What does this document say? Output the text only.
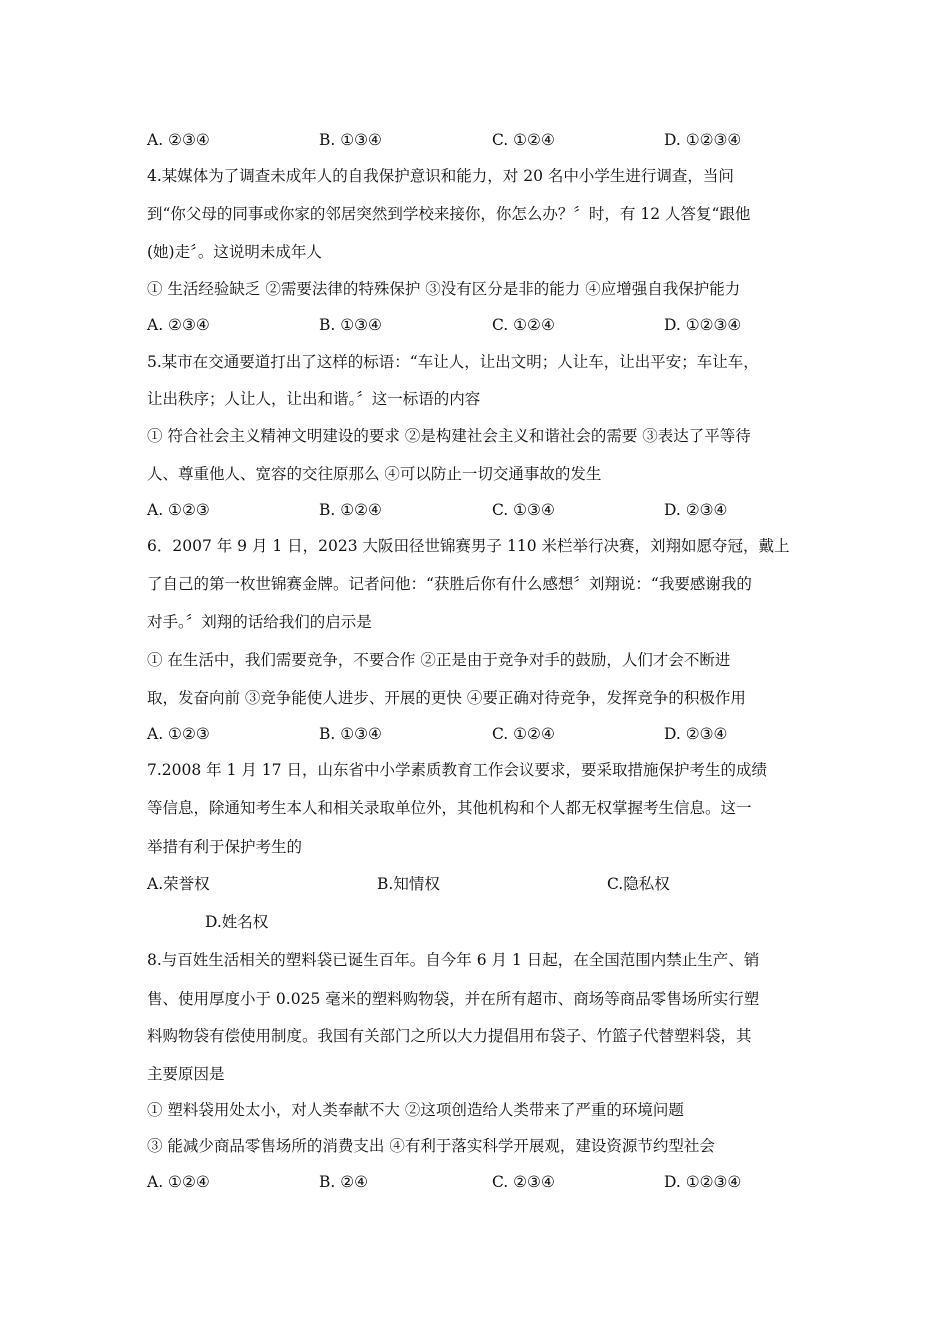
A. ②③④	B. ①③④	C. ①②④	D. ①②③④
4.某媒体为了调查未成年人的自我保护意识和能力，对 20 名中小学生进行调查，当问
到“你父母的同事或你家的邻居突然到学校来接你，你怎么办？〞时，有 12 人答复“跟他
(她)走〞。这说明未成年人
① 生活经验缺乏 ②需要法律的特殊保护 ③没有区分是非的能力 ④应增强自我保护能力
A. ②③④	B. ①③④	C. ①②④	D. ①②③④
5.某市在交通要道打出了这样的标语：“车让人，让出文明；人让车，让出平安；车让车，
让出秩序；人让人，让出和谐。〞这一标语的内容
① 符合社会主义精神文明建设的要求 ②是构建社会主义和谐社会的需要 ③表达了平等待
人、尊重他人、宽容的交往原那么 ④可以防止一切交通事故的发生
A. ①②③	B. ①②④	C. ①③④	D. ②③④
6．2007 年 9 月 1 日，2023 大阪田径世锦赛男子 110 米栏举行决赛，刘翔如愿夺冠，戴上
了自己的第一枚世锦赛金牌。记者问他：“获胜后你有什么感想〞刘翔说：“我要感谢我的
对手。〞刘翔的话给我们的启示是
① 在生活中，我们需要竞争，不要合作 ②正是由于竞争对手的鼓励，人们才会不断进
取，发奋向前 ③竞争能使人进步、开展的更快 ④要正确对待竞争，发挥竞争的积极作用
A. ①②③	B. ①③④	C. ①②④	D. ②③④
7.2008 年 1 月 17 日，山东省中小学素质教育工作会议要求，要采取措施保护考生的成绩
等信息，除通知考生本人和相关录取单位外，其他机构和个人都无权掌握考生信息。这一
举措有利于保护考生的
A.荣誉权	B.知情权	C.隐私权
D.姓名权
8.与百姓生活相关的塑料袋已诞生百年。自今年 6 月 1 日起，在全国范围内禁止生产、销
售、使用厚度小于 0.025 毫米的塑料购物袋，并在所有超市、商场等商品零售场所实行塑
料购物袋有偿使用制度。我国有关部门之所以大力提倡用布袋子、竹篮子代替塑料袋，其
主要原因是
① 塑料袋用处太小，对人类奉献不大 ②这项创造给人类带来了严重的环境问题
③ 能减少商品零售场所的消费支出 ④有利于落实科学开展观，建设资源节约型社会
A. ①②④	B. ②④	C. ②③④	D. ①②③④
